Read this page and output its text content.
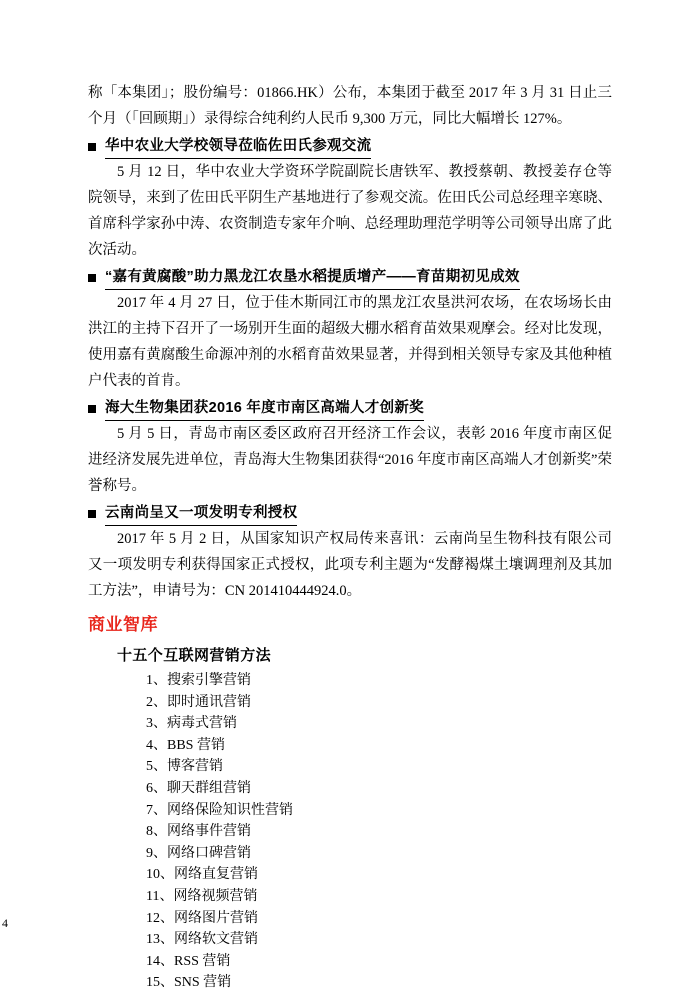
称「本集团」；股份编号：01866.HK）公布，本集团于截至 2017 年 3 月 31 日止三个月（「回顾期」）录得综合纯利约人民币 9,300 万元，同比大幅增长 127%。

华中农业大学校领导莅临佐田氏参观交流

5 月 12 日，华中农业大学资环学院副院长唐铁军、教授蔡朝、教授姜存仓等院领导，来到了佐田氏平阴生产基地进行了参观交流。佐田氏公司总经理辛寒晓、首席科学家孙中涛、农资制造专家年介响、总经理助理范学明等公司领导出席了此次活动。

“嘉有黄腐酸”助力黑龙江农垦水稻提质增产——育苗期初见成效

2017 年 4 月 27 日，位于佳木斯同江市的黑龙江农垦洪河农场，在农场场长由洪江的主持下召开了一场别开生面的超级大棚水稻育苗效果观摩会。经对比发现，使用嘉有黄腐酸生命源冲剂的水稻育苗效果显著，并得到相关领导专家及其他种植户代表的首肯。

海大生物集团获2016 年度市南区高端人才创新奖

5 月 5 日，青岛市南区委区政府召开经济工作会议，表彰 2016 年度市南区促进经济发展先进单位，青岛海大生物集团获得“2016 年度市南区高端人才创新奖”荣誉称号。

云南尚呈又一项发明专利授权

2017 年 5 月 2 日，从国家知识产权局传来喜讯：云南尚呈生物科技有限公司又一项发明专利获得国家正式授权，此项专利主题为“发酵褐煤土壤调理剂及其加工方法”，申请号为：CN 201410444924.0。

商业智库

十五个互联网营销方法

1、搜索引擎营销
2、即时通讯营销
3、病毒式营销
4、BBS 营销
5、博客营销
6、聊天群组营销
7、网络保险知识性营销
8、网络事件营销
9、网络口碑营销
10、网络直复营销
11、网络视频营销
12、网络图片营销
13、网络软文营销
14、RSS 营销
15、SNS 营销
4
